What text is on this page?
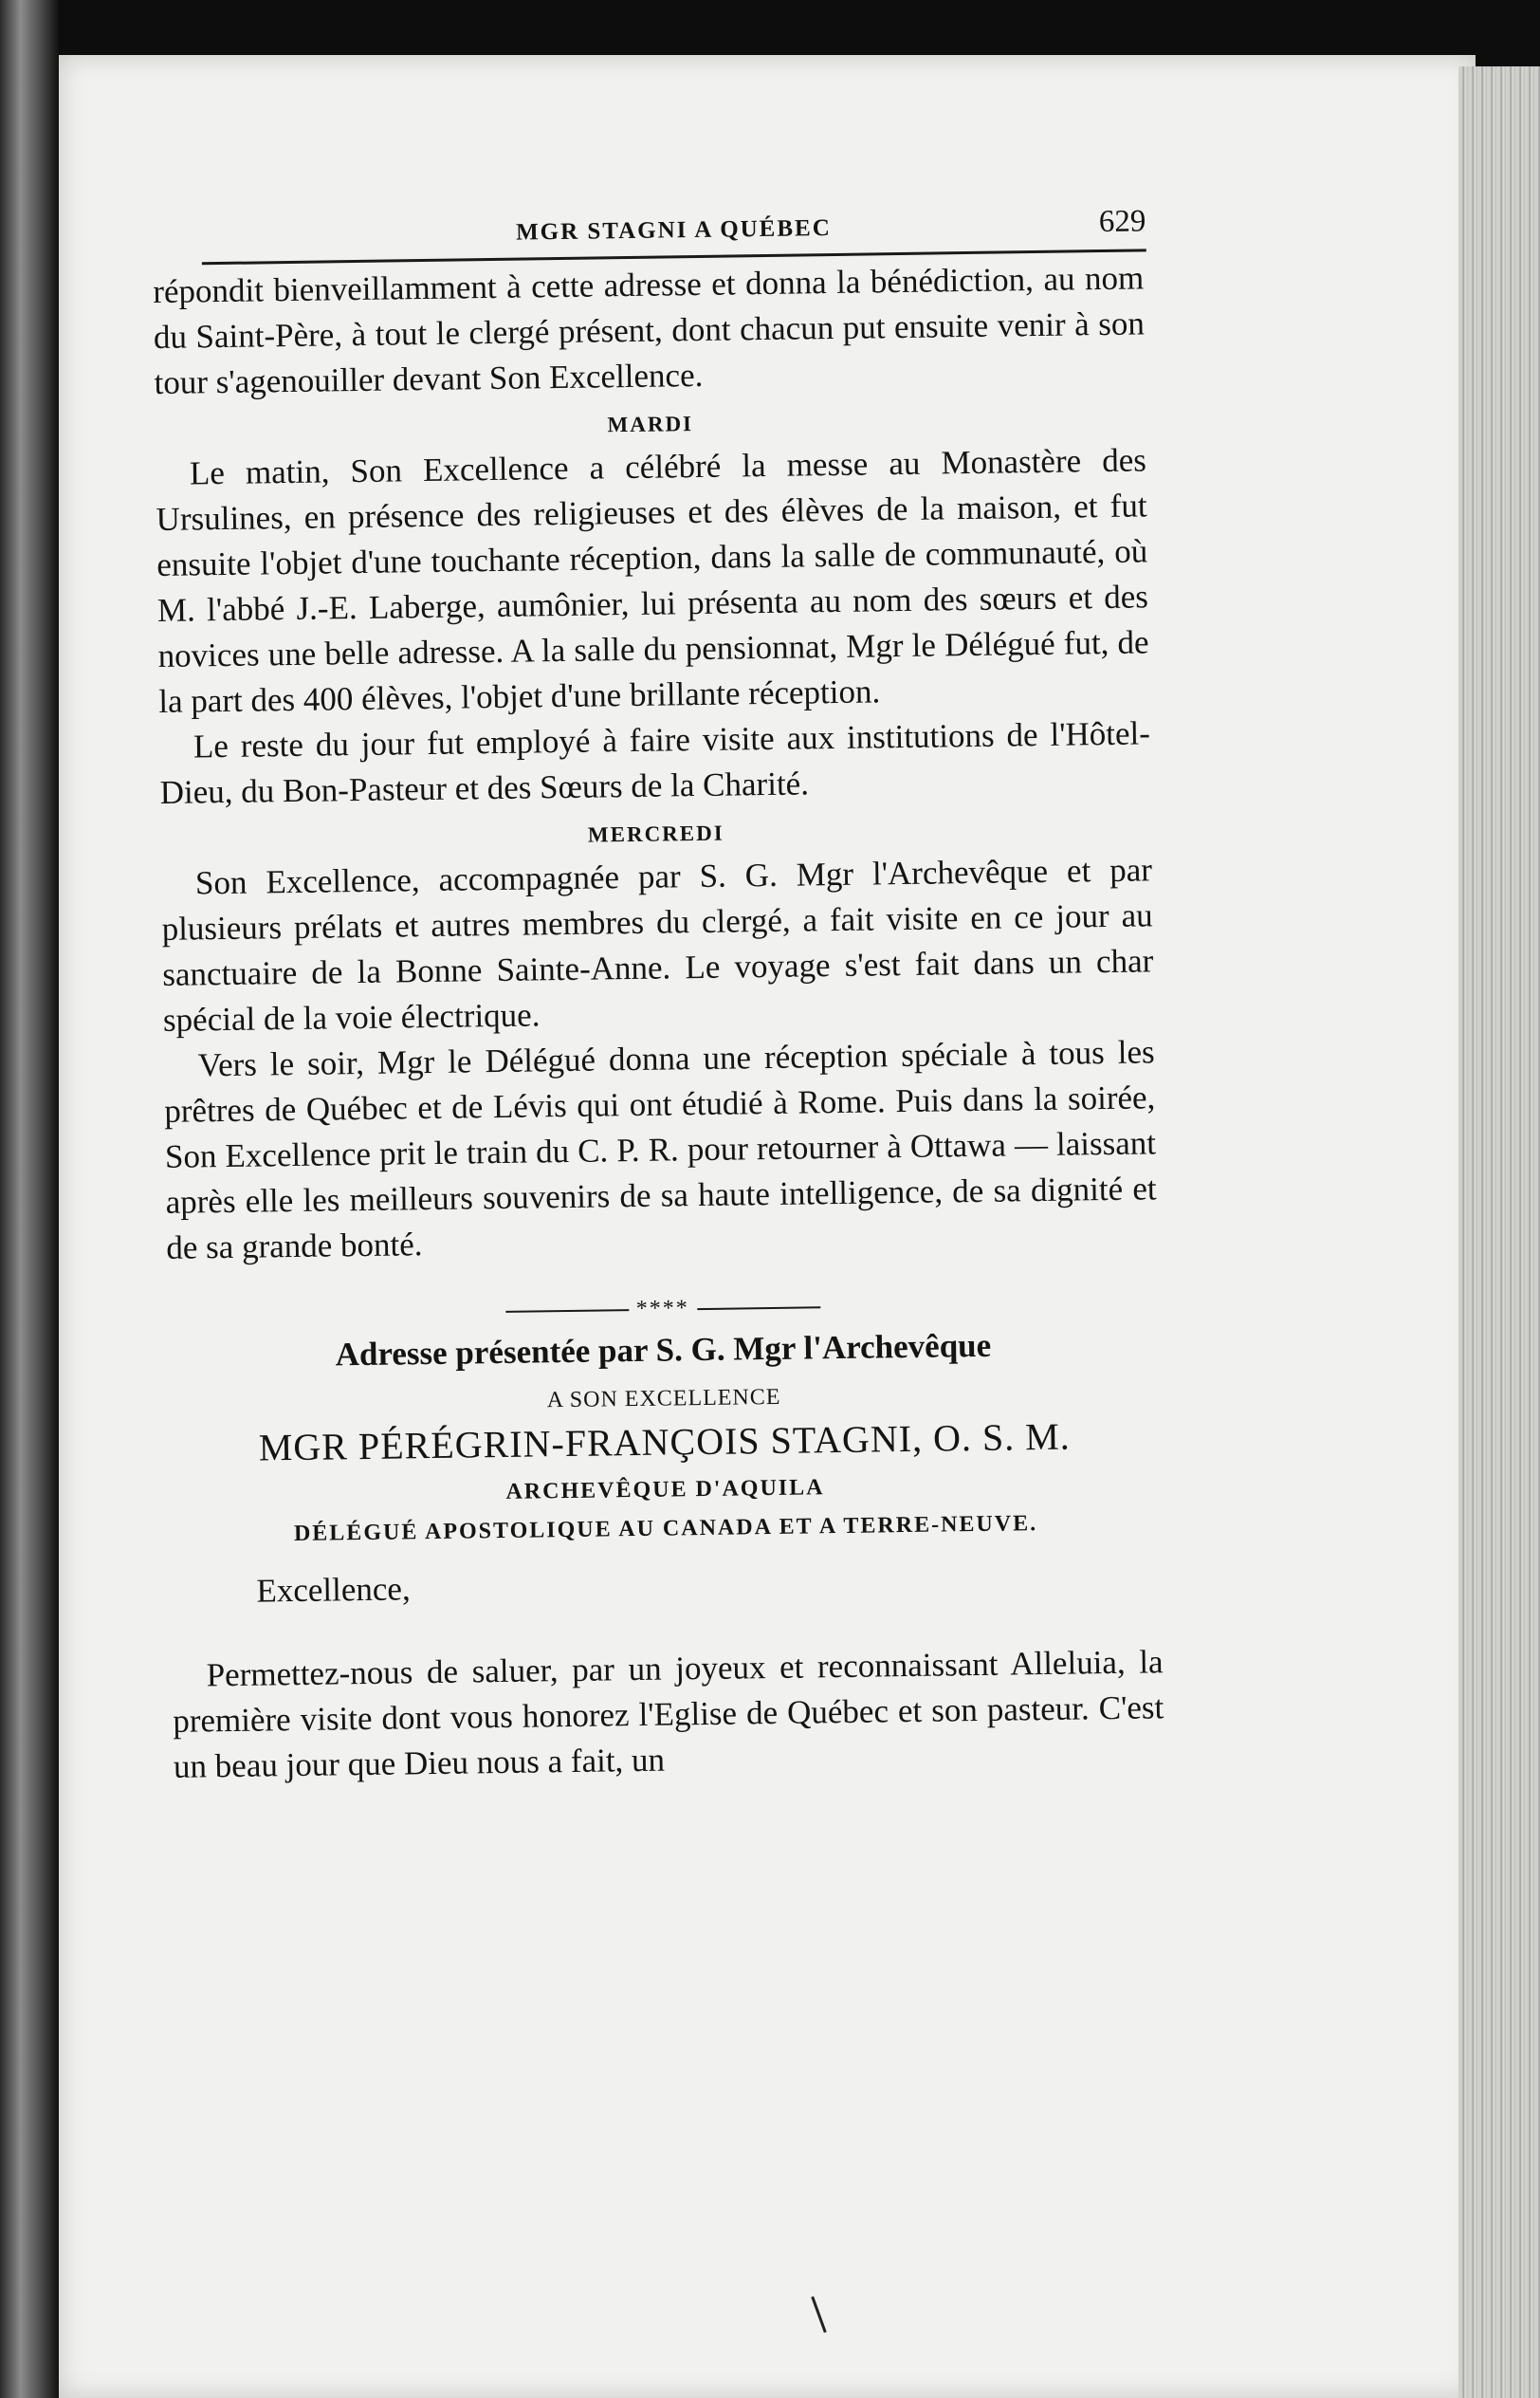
MGR STAGNI A QUÉBEC	629

répondit bienveillamment à cette adresse et donna la bénédiction, au nom du Saint-Père, à tout le clergé présent, dont chacun put ensuite venir à son tour s'agenouiller devant Son Excellence.

MARDI

Le matin, Son Excellence a célébré la messe au Monastère des Ursulines, en présence des religieuses et des élèves de la maison, et fut ensuite l'objet d'une touchante réception, dans la salle de communauté, où M. l'abbé J.-E. Laberge, aumônier, lui présenta au nom des sœurs et des novices une belle adresse. A la salle du pensionnat, Mgr le Délégué fut, de la part des 400 élèves, l'objet d'une brillante réception.

Le reste du jour fut employé à faire visite aux institutions de l'Hôtel-Dieu, du Bon-Pasteur et des Sœurs de la Charité.

MERCREDI

Son Excellence, accompagnée par S. G. Mgr l'Archevêque et par plusieurs prélats et autres membres du clergé, a fait visite en ce jour au sanctuaire de la Bonne Sainte-Anne. Le voyage s'est fait dans un char spécial de la voie électrique.

Vers le soir, Mgr le Délégué donna une réception spéciale à tous les prêtres de Québec et de Lévis qui ont étudié à Rome. Puis dans la soirée, Son Excellence prit le train du C. P. R. pour retourner à Ottawa — laissant après elle les meilleurs souvenirs de sa haute intelligence, de sa dignité et de sa grande bonté.

****
Adresse présentée par S. G. Mgr l'Archevêque
A SON EXCELLENCE
MGR PÉRÉGRIN-FRANÇOIS STAGNI, O. S. M.
ARCHEVÊQUE D'AQUILA
DÉLÉGUÉ APOSTOLIQUE AU CANADA ET A TERRE-NEUVE.
Excellence,

Permettez-nous de saluer, par un joyeux et reconnaissant Alleluia, la première visite dont vous honorez l'Eglise de Québec et son pasteur. C'est un beau jour que Dieu nous a fait, un
